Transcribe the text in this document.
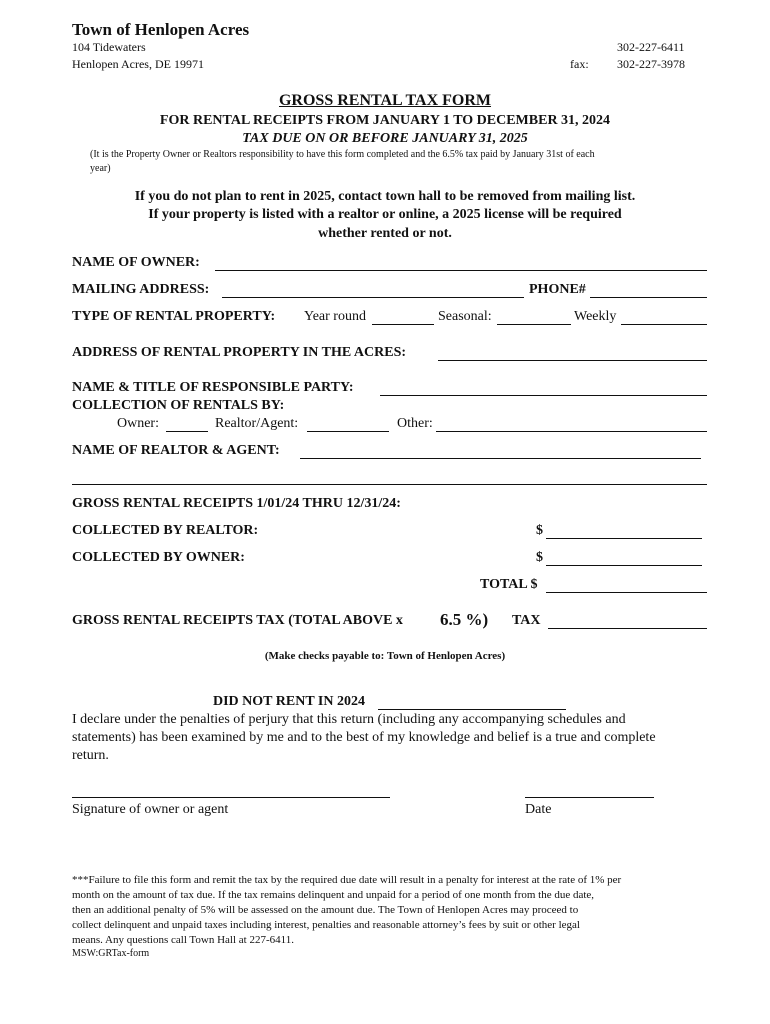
Town of Henlopen Acres
104 Tidewaters
Henlopen Acres, DE 19971
302-227-6411
fax: 302-227-3978
GROSS RENTAL TAX FORM
FOR RENTAL RECEIPTS FROM JANUARY 1 TO DECEMBER 31, 2024
TAX DUE ON OR BEFORE JANUARY 31, 2025
(It is the Property Owner or Realtors responsibility to have this form completed and the 6.5% tax paid by January 31st of each
year)
If you do not plan to rent in 2025, contact town hall to be removed from mailing list.
If your property is listed with a realtor or online, a 2025 license will be required
whether rented or not.
NAME OF OWNER:
MAILING ADDRESS:	PHONE#
TYPE OF RENTAL PROPERTY: Year round	Seasonal:	Weekly
ADDRESS OF RENTAL PROPERTY IN THE ACRES:
NAME & TITLE OF RESPONSIBLE PARTY:
COLLECTION OF RENTALS BY:
Owner:	Realtor/Agent:	Other:
NAME OF REALTOR & AGENT:
GROSS RENTAL RECEIPTS 1/01/24 THRU 12/31/24:
COLLECTED BY REALTOR:	$
COLLECTED BY OWNER:	$
TOTAL $
GROSS RENTAL RECEIPTS TAX (TOTAL ABOVE x 6.5 %) TAX
(Make checks payable to: Town of Henlopen Acres)
DID NOT RENT IN 2024
I declare under the penalties of perjury that this return (including any accompanying schedules and
statements) has been examined by me and to the best of my knowledge and belief is a true and complete
return.
Signature of owner or agent	Date
***Failure to file this form and remit the tax by the required due date will result in a penalty for interest at the rate of 1% per
month on the amount of tax due. If the tax remains delinquent and unpaid for a period of one month from the due date,
then an additional penalty of 5% will be assessed on the amount due. The Town of Henlopen Acres may proceed to
collect delinquent and unpaid taxes including interest, penalties and reasonable attorney’s fees by suit or other legal
means. Any questions call Town Hall at 227-6411.
MSW:GRTax-form
